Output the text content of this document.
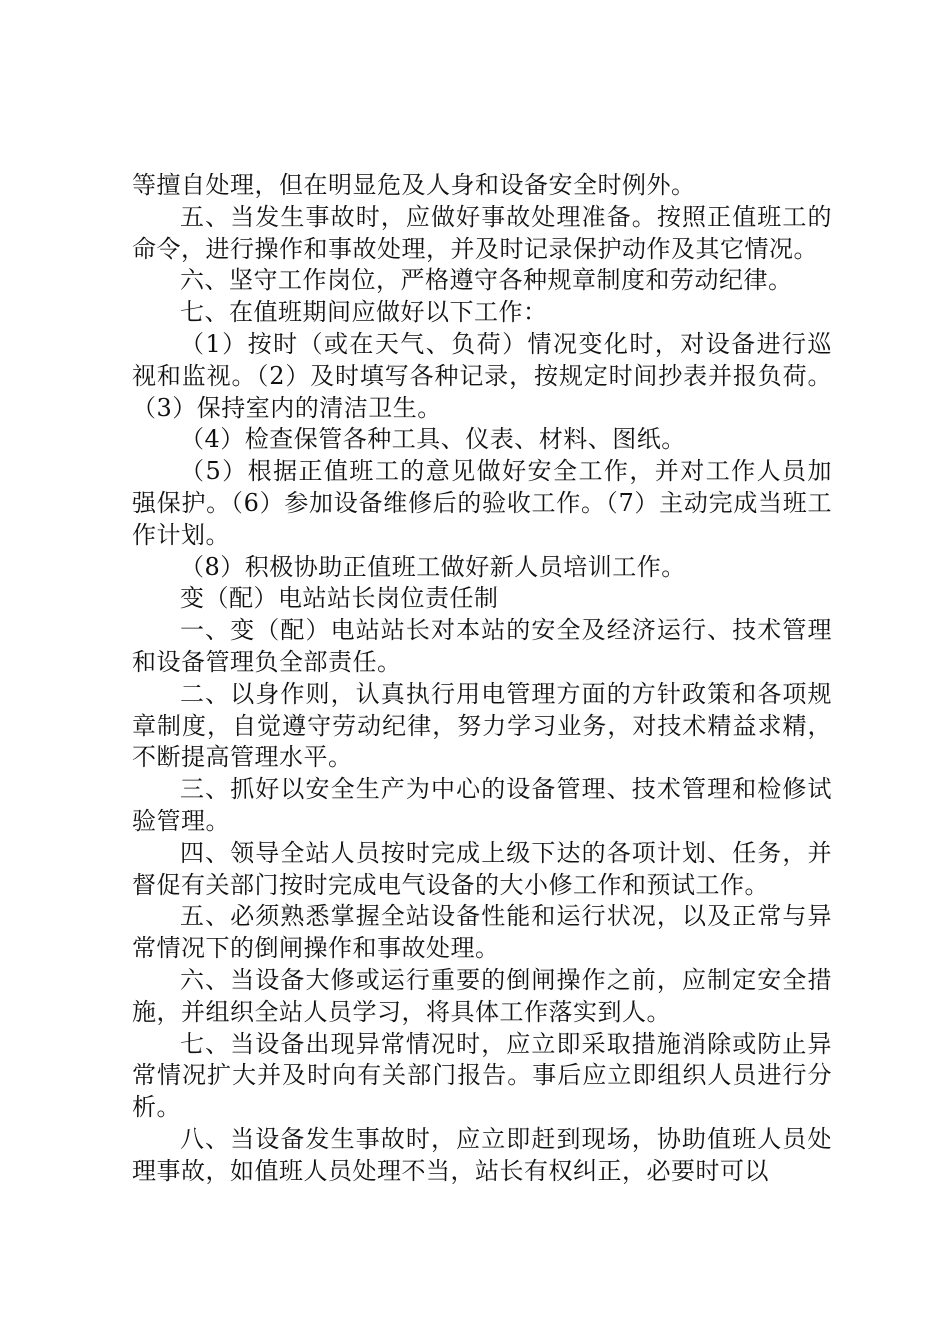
等擅自处理，但在明显危及人身和设备安全时例外。

五、当发生事故时，应做好事故处理准备。按照正值班工的命令，进行操作和事故处理，并及时记录保护动作及其它情况。

六、坚守工作岗位，严格遵守各种规章制度和劳动纪律。

七、在值班期间应做好以下工作：

（1）按时（或在天气、负荷）情况变化时，对设备进行巡视和监视。（2）及时填写各种记录，按规定时间抄表并报负荷。（3）保持室内的清洁卫生。

（4）检查保管各种工具、仪表、材料、图纸。

（5）根据正值班工的意见做好安全工作，并对工作人员加强保护。（6）参加设备维修后的验收工作。（7）主动完成当班工作计划。

（8）积极协助正值班工做好新人员培训工作。

变（配）电站站长岗位责任制

一、变（配）电站站长对本站的安全及经济运行、技术管理和设备管理负全部责任。

二、以身作则，认真执行用电管理方面的方针政策和各项规章制度，自觉遵守劳动纪律，努力学习业务，对技术精益求精，不断提高管理水平。

三、抓好以安全生产为中心的设备管理、技术管理和检修试验管理。

四、领导全站人员按时完成上级下达的各项计划、任务，并督促有关部门按时完成电气设备的大小修工作和预试工作。

五、必须熟悉掌握全站设备性能和运行状况，以及正常与异常情况下的倒闸操作和事故处理。

六、当设备大修或运行重要的倒闸操作之前，应制定安全措施，并组织全站人员学习，将具体工作落实到人。

七、当设备出现异常情况时，应立即采取措施消除或防止异常情况扩大并及时向有关部门报告。事后应立即组织人员进行分析。

八、当设备发生事故时，应立即赶到现场，协助值班人员处理事故，如值班人员处理不当，站长有权纠正，必要时可以
